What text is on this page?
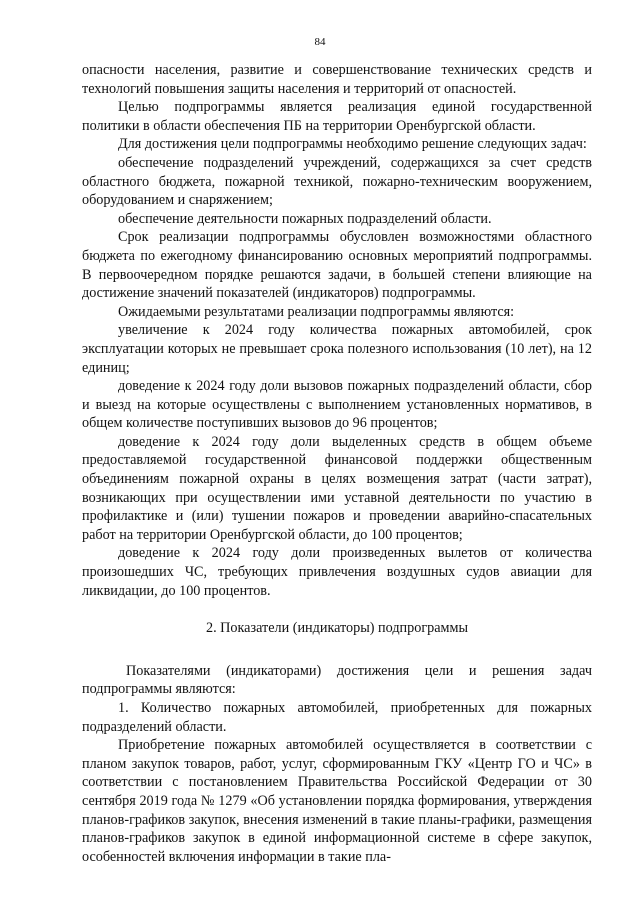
84

опасности населения, развитие и совершенствование технических средств и технологий повышения защиты населения и территорий от опасностей.

Целью подпрограммы является реализация единой государственной политики в области обеспечения ПБ на территории Оренбургской области.

Для достижения цели подпрограммы необходимо решение следующих задач:

обеспечение подразделений учреждений, содержащихся за счет средств областного бюджета, пожарной техникой, пожарно-техническим вооружением, оборудованием и снаряжением;

обеспечение деятельности пожарных подразделений области.

Срок реализации подпрограммы обусловлен возможностями областного бюджета по ежегодному финансированию основных мероприятий подпрограммы. В первоочередном порядке решаются задачи, в большей степени влияющие на достижение значений показателей (индикаторов) подпрограммы.

Ожидаемыми результатами реализации подпрограммы являются:

увеличение к 2024 году количества пожарных автомобилей, срок эксплуатации которых не превышает срока полезного использования (10 лет), на 12 единиц;

доведение к 2024 году доли вызовов пожарных подразделений области, сбор и выезд на которые осуществлены с выполнением установленных нормативов, в общем количестве поступивших вызовов до 96 процентов;

доведение к 2024 году доли выделенных средств в общем объеме предоставляемой государственной финансовой поддержки общественным объединениям пожарной охраны в целях возмещения затрат (части затрат), возникающих при осуществлении ими уставной деятельности по участию в профилактике и (или) тушении пожаров и проведении аварийно-спасательных работ на территории Оренбургской области, до 100 процентов;

доведение к 2024 году доли произведенных вылетов от количества произошедших ЧС, требующих привлечения воздушных судов авиации для ликвидации, до 100 процентов.

2. Показатели (индикаторы) подпрограммы

Показателями (индикаторами) достижения цели и решения задач подпрограммы являются:

1. Количество пожарных автомобилей, приобретенных для пожарных подразделений области.

Приобретение пожарных автомобилей осуществляется в соответствии с планом закупок товаров, работ, услуг, сформированным ГКУ «Центр ГО и ЧС» в соответствии с постановлением Правительства Российской Федерации от 30 сентября 2019 года № 1279 «Об установлении порядка формирования, утверждения планов-графиков закупок, внесения изменений в такие планы-графики, размещения планов-графиков закупок в единой информационной системе в сфере закупок, особенностей включения информации в такие пла-
